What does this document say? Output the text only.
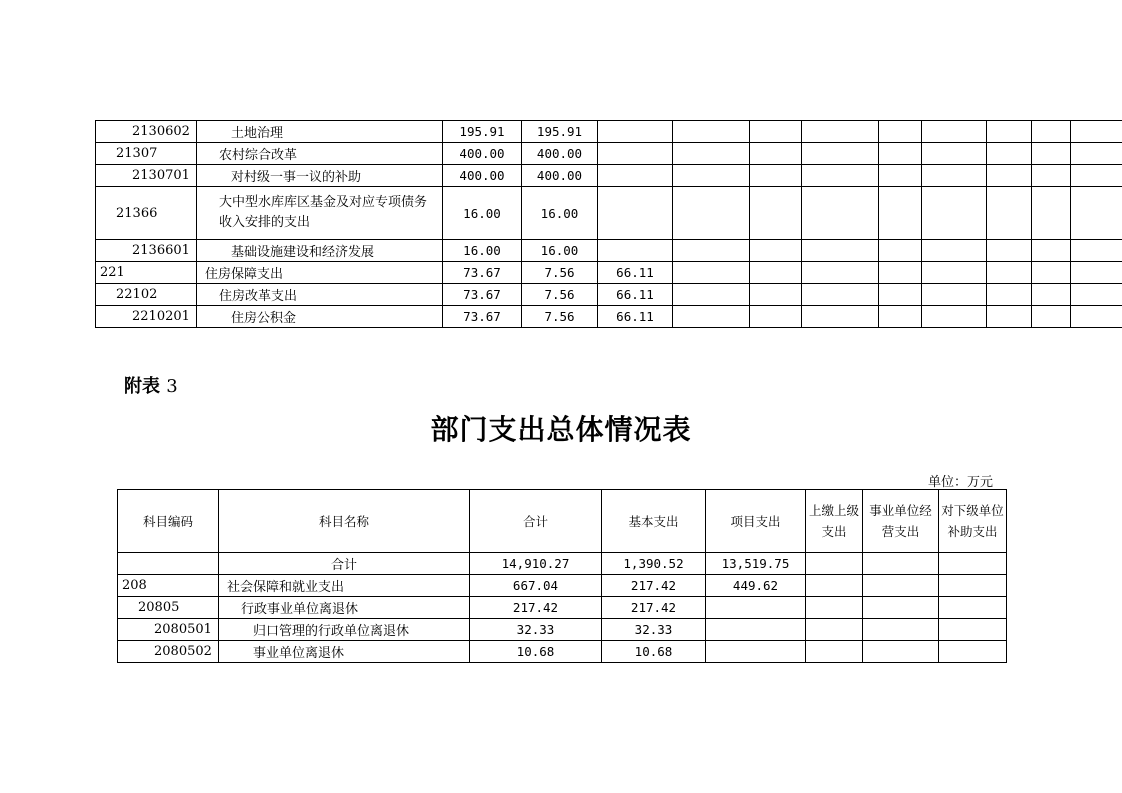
2130602	土地治理	195.91	195.91									
21307	农村综合改革	400.00	400.00									
2130701	对村级一事一议的补助	400.00	400.00									
21366	大中型水库库区基金及对应专项债务收入安排的支出	16.00	16.00									
2136601	基础设施建设和经济发展	16.00	16.00									
221	住房保障支出	73.67	7.56	66.11								
22102	住房改革支出	73.67	7.56	66.11								
2210201	住房公积金	73.67	7.56	66.11								
附表 3
部门支出总体情况表
单位：万元
科目编码	科目名称	合计	基本支出	项目支出	上缴上级支出	事业单位经营支出	对下级单位补助支出
	合计	14,910.27	1,390.52	13,519.75			
208	社会保障和就业支出	667.04	217.42	449.62			
20805	行政事业单位离退休	217.42	217.42				
2080501	归口管理的行政单位离退休	32.33	32.33				
2080502	事业单位离退休	10.68	10.68				
